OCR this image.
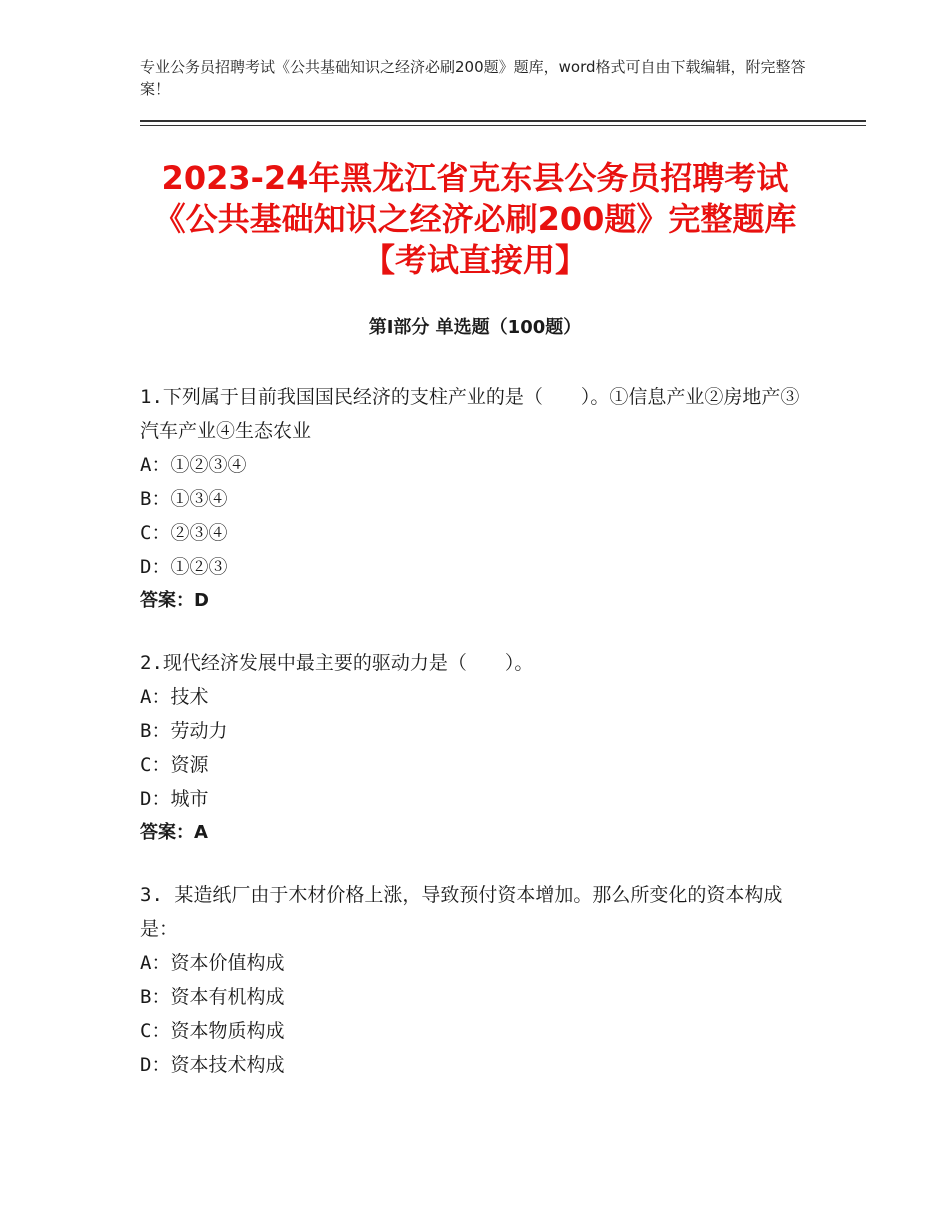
专业公务员招聘考试《公共基础知识之经济必刷200题》题库，word格式可自由下载编辑，附完整答案！
2023-24年黑龙江省克东县公务员招聘考试《公共基础知识之经济必刷200题》完整题库【考试直接用】
第Ⅰ部分 单选题（100题）
1.下列属于目前我国国民经济的支柱产业的是（　　）。①信息产业②房地产③汽车产业④生态农业
A：①②③④
B：①③④
C：②③④
D：①②③
答案：D
2.现代经济发展中最主要的驱动力是（　　）。
A：技术
B：劳动力
C：资源
D：城市
答案：A
3. 某造纸厂由于木材价格上涨，导致预付资本增加。那么所变化的资本构成是：
A：资本价值构成
B：资本有机构成
C：资本物质构成
D：资本技术构成
